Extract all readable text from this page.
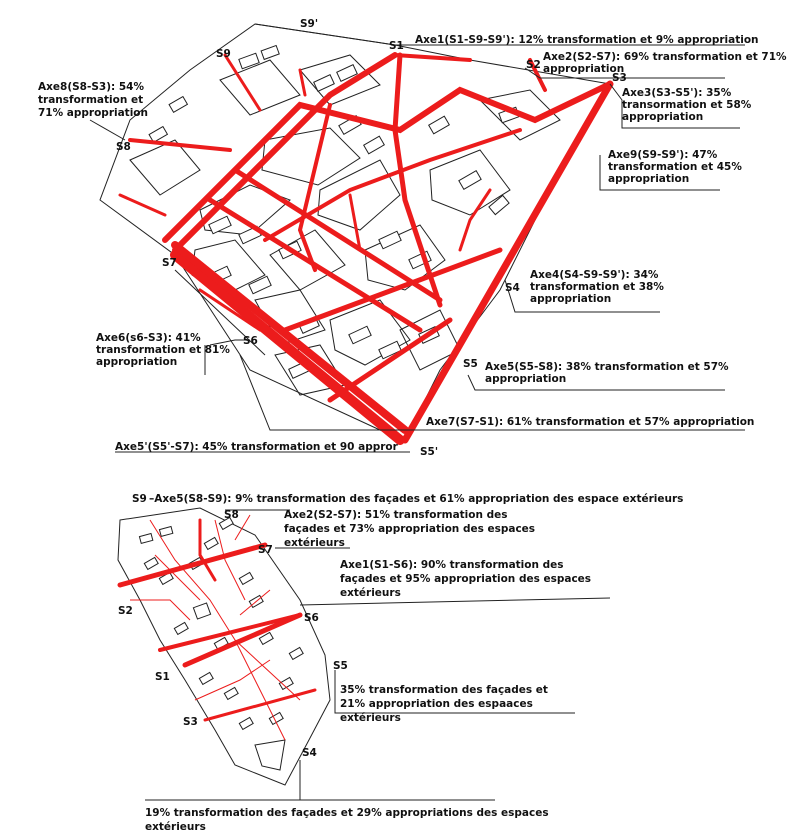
S9'
S9
S1
S2
S3
S8
S7
S4
S6
S5
S5'
Axe1(S1-S9-S9'): 12% transformation et 9% appropriation
Axe2(S2-S7): 69% transformation et 71% appropriation
Axe3(S3-S5'): 35% transormation et 58% appropriation
Axe8(S8-S3): 54% transformation et 71% appropriation
Axe9(S9-S9'): 47% transformation et 45% appropriation
Axe4(S4-S9-S9'): 34% transformation et 38% appropriation
Axe6(s6-S3): 41% transformation et 81% appropriation	Axe5(S5-S8): 38% transformation et 57% appropriation
Axe7(S7-S1): 61% transformation et 57% appropriation
Axe5'(S5'-S7): 45% transformation et 90 appror
S9
S8
S7
S2
S6
S5
S1
S3
S4
–Axe5(S8-S9): 9% transformation des façades et 61% appropriation des espace extérieurs
Axe2(S2-S7): 51% transformation des façades et 73% appropriation des espaces extérieurs
Axe1(S1-S6): 90% transformation des façades et 95% appropriation des espaces extérieurs
35% transformation des façades et 21% appropriation des espaaces extérieurs
19% transformation des façades et 29% appropriations des espaces extérieurs
